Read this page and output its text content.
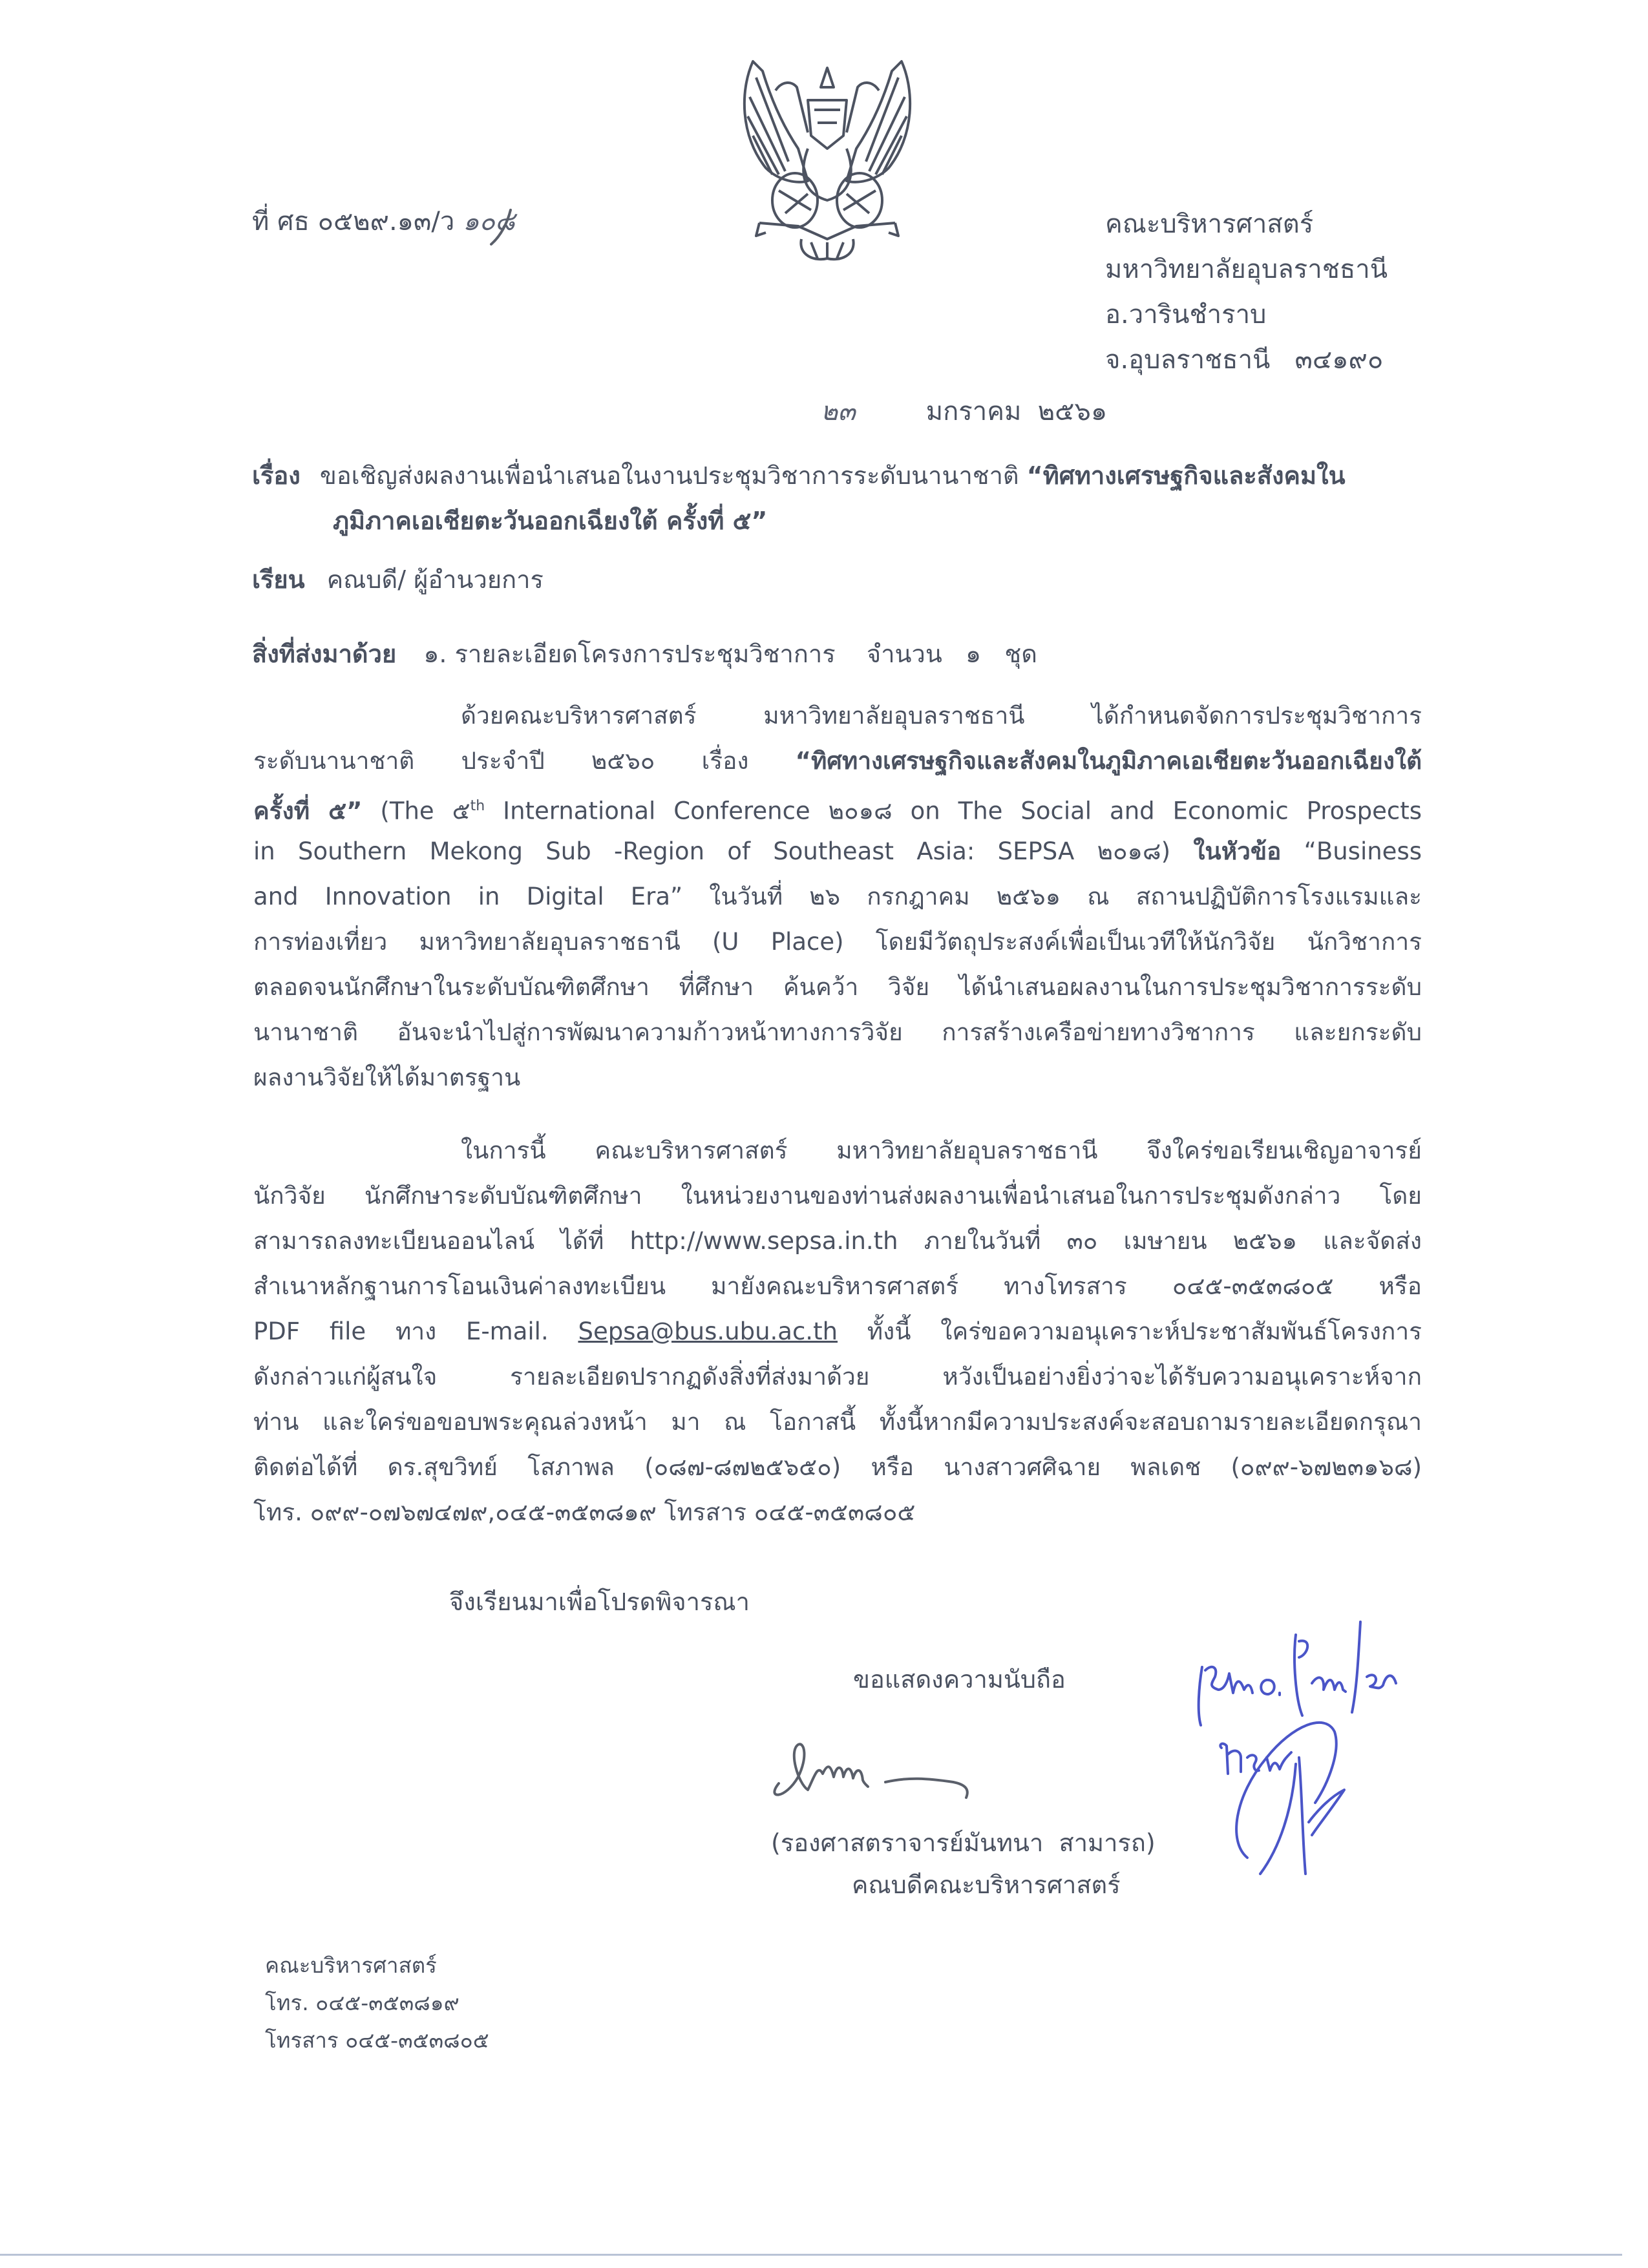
ที่ ศธ ๐๕๒๙.๑๓/ว ๑๐๘	คณะบริหารศาสตร์
มหาวิทยาลัยอุบลราชธานี
อ.วารินชำราบ
จ.อุบลราชธานี   ๓๔๑๙๐
๒๓	มกราคม  ๒๕๖๑
เรื่อง ขอเชิญส่งผลงานเพื่อนำเสนอในงานประชุมวิชาการระดับนานาชาติ “ทิศทางเศรษฐกิจและสังคมใน
ภูมิภาคเอเชียตะวันออกเฉียงใต้ ครั้งที่ ๕”
เรียน คณบดี/ ผู้อำนวยการ
สิ่งที่ส่งมาด้วย ๑. รายละเอียดโครงการประชุมวิชาการ    จำนวน   ๑   ชุด
ด้วยคณะบริหารศาสตร์ มหาวิทยาลัยอุบลราชธานี ได้กำหนดจัดการประชุมวิชาการ
ระดับนานาชาติ ประจำปี ๒๕๖๐ เรื่อง “ทิศทางเศรษฐกิจและสังคมในภูมิภาคเอเชียตะวันออกเฉียงใต้
ครั้งที่ ๕” (The ๕$^{th}$ International Conference ๒๐๑๘ on The Social and Economic Prospects
in Southern Mekong Sub -Region of Southeast Asia: SEPSA ๒๐๑๘) ในหัวข้อ “Business
and Innovation in Digital Era” ในวันที่ ๒๖ กรกฎาคม ๒๕๖๑ ณ สถานปฏิบัติการโรงแรมและ
การท่องเที่ยว มหาวิทยาลัยอุบลราชธานี (U Place) โดยมีวัตถุประสงค์เพื่อเป็นเวทีให้นักวิจัย นักวิชาการ
ตลอดจนนักศึกษาในระดับบัณฑิตศึกษา ที่ศึกษา ค้นคว้า วิจัย ได้นำเสนอผลงานในการประชุมวิชาการระดับ
นานาชาติ อันจะนำไปสู่การพัฒนาความก้าวหน้าทางการวิจัย การสร้างเครือข่ายทางวิชาการ และยกระดับ
ผลงานวิจัยให้ได้มาตรฐาน
ในการนี้ คณะบริหารศาสตร์ มหาวิทยาลัยอุบลราชธานี จึงใคร่ขอเรียนเชิญอาจารย์
นักวิจัย นักศึกษาระดับบัณฑิตศึกษา ในหน่วยงานของท่านส่งผลงานเพื่อนำเสนอในการประชุมดังกล่าว โดย
สามารถลงทะเบียนออนไลน์ ได้ที่ http://www.sepsa.in.th ภายในวันที่ ๓๐ เมษายน ๒๕๖๑ และจัดส่ง
สำเนาหลักฐานการโอนเงินค่าลงทะเบียน มายังคณะบริหารศาสตร์ ทางโทรสาร ๐๔๕-๓๕๓๘๐๕ หรือ
PDF file ทาง E-mail. Sepsa@bus.ubu.ac.th ทั้งนี้ ใคร่ขอความอนุเคราะห์ประชาสัมพันธ์โครงการ
ดังกล่าวแก่ผู้สนใจ รายละเอียดปรากฏดังสิ่งที่ส่งมาด้วย หวังเป็นอย่างยิ่งว่าจะได้รับความอนุเคราะห์จาก
ท่าน และใคร่ขอขอบพระคุณล่วงหน้า มา ณ โอกาสนี้ ทั้งนี้หากมีความประสงค์จะสอบถามรายละเอียดกรุณา
ติดต่อได้ที่ ดร.สุขวิทย์ โสภาพล (๐๘๗-๘๗๒๕๖๕๐) หรือ นางสาวศศิฉาย พลเดช (๐๙๙-๖๗๒๓๑๖๘)
โทร. ๐๙๙-๐๗๖๗๔๗๙,๐๔๕-๓๕๓๘๑๙ โทรสาร ๐๔๕-๓๕๓๘๐๕
จึงเรียนมาเพื่อโปรดพิจารณา
ขอแสดงความนับถือ
(รองศาสตราจารย์มันทนา  สามารถ)
คณบดีคณะบริหารศาสตร์
คณะบริหารศาสตร์
โทร. ๐๔๕-๓๕๓๘๑๙
โทรสาร ๐๔๕-๓๕๓๘๐๕
